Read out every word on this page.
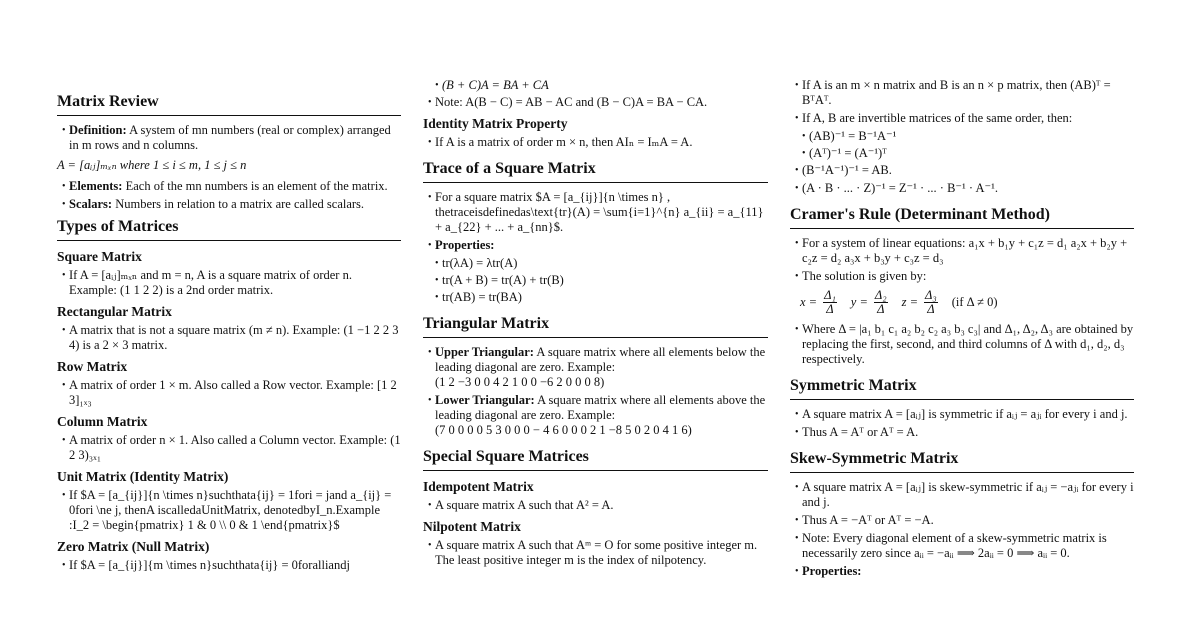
Matrix Review
• Definition: A system of mn numbers (real or complex) arranged in m rows and n columns.
A = [aᵢⱼ]ₘₓₙ where 1 ≤ i ≤ m, 1 ≤ j ≤ n
• Elements: Each of the mn numbers is an element of the matrix.
• Scalars: Numbers in relation to a matrix are called scalars.
Types of Matrices
Square Matrix
• If A = [aᵢⱼ]ₘₓₙ and m = n, A is a square matrix of order n. Example: (1 1 2 2) is a 2nd order matrix.
Rectangular Matrix
• A matrix that is not a square matrix (m ≠ n). Example: (1 −1 2 2 3 4) is a 2 × 3 matrix.
Row Matrix
• A matrix of order 1 × m. Also called a Row vector. Example: [1 2 3]₁ₓ₃
Column Matrix
• A matrix of order n × 1. Also called a Column vector. Example: (1 2 3)₃ₓ₁
Unit Matrix (Identity Matrix)
• If $A = [a_{ij}]{n \times n}suchthata{ij} = 1fori = jand a_{ij} = 0fori \ne j, thenA iscalledaUnitMatrix, denotedbyI_n.Example :I_2 = \begin{pmatrix} 1 & 0 \\ 0 & 1 \end{pmatrix}$
Zero Matrix (Null Matrix)
• If $A = [a_{ij}]{m \times n}suchthata{ij} = 0foralliandj
• (B + C)A = BA + CA
• Note: A(B − C) = AB − AC and (B − C)A = BA − CA.
Identity Matrix Property
• If A is a matrix of order m × n, then AIₙ = IₘA = A.
Trace of a Square Matrix
• For a square matrix $A = [a_{ij}]{n \times n} , thetraceisdefinedas\text{tr}(A) = \sum{i=1}^{n} a_{ii} = a_{11} + a_{22} + ... + a_{nn}$.
• Properties:
• tr(λA) = λtr(A)
• tr(A + B) = tr(A) + tr(B)
• tr(AB) = tr(BA)
Triangular Matrix
• Upper Triangular: A square matrix where all elements below the leading diagonal are zero. Example:
(1 2 −3 0 0 4 2 1 0 0 −6 2 0 0 0 8)
• Lower Triangular: A square matrix where all elements above the leading diagonal are zero. Example:
(7 0 0 0 0 5 3 0 0 0 − 4 6 0 0 0 2 1 −8 5 0 2 0 4 1 6)
Special Square Matrices
Idempotent Matrix
• A square matrix A such that A² = A.
Nilpotent Matrix
• A square matrix A such that Aᵐ = O for some positive integer m. The least positive integer m is the index of nilpotency.
• If A is an m × n matrix and B is an n × p matrix, then (AB)ᵀ = BᵀAᵀ.
• If A, B are invertible matrices of the same order, then:
• (AB)⁻¹ = B⁻¹A⁻¹
• (Aᵀ)⁻¹ = (A⁻¹)ᵀ
• (B⁻¹A⁻¹)⁻¹ = AB.
• (A · B · ... · Z)⁻¹ = Z⁻¹ · ... · B⁻¹ · A⁻¹.
Cramer's Rule (Determinant Method)
• For a system of linear equations: a₁x + b₁y + c₁z = d₁ a₂x + b₂y + c₂z = d₂ a₃x + b₃y + c₃z = d₃
• The solution is given by:
$x = \frac{\text{Δ₁}}{\Delta}$ $y = \frac{\text{Δ₂}}{\Delta}$ $z = \frac{\text{Δ₃}}{\Delta} (if$ Δ ≠ 0)
• Where Δ = |a₁ b₁ c₁ a₂ b₂ c₂ a₃ b₃ c₃| and Δ₁, Δ₂, Δ₃ are obtained by replacing the first, second, and third columns of Δ with d₁, d₂, d₃ respectively.
Symmetric Matrix
• A square matrix A = [aᵢⱼ] is symmetric if aᵢⱼ = aⱼᵢ for every i and j.
• Thus A = Aᵀ or Aᵀ = A.
Skew-Symmetric Matrix
• A square matrix A = [aᵢⱼ] is skew-symmetric if aᵢⱼ = −aⱼᵢ for every i and j.
• Thus A = −Aᵀ or Aᵀ = −A.
• Note: Every diagonal element of a skew-symmetric matrix is necessarily zero since aᵢᵢ = −aᵢᵢ ⟹ 2aᵢᵢ = 0 ⟹ aᵢᵢ = 0.
• Properties:
